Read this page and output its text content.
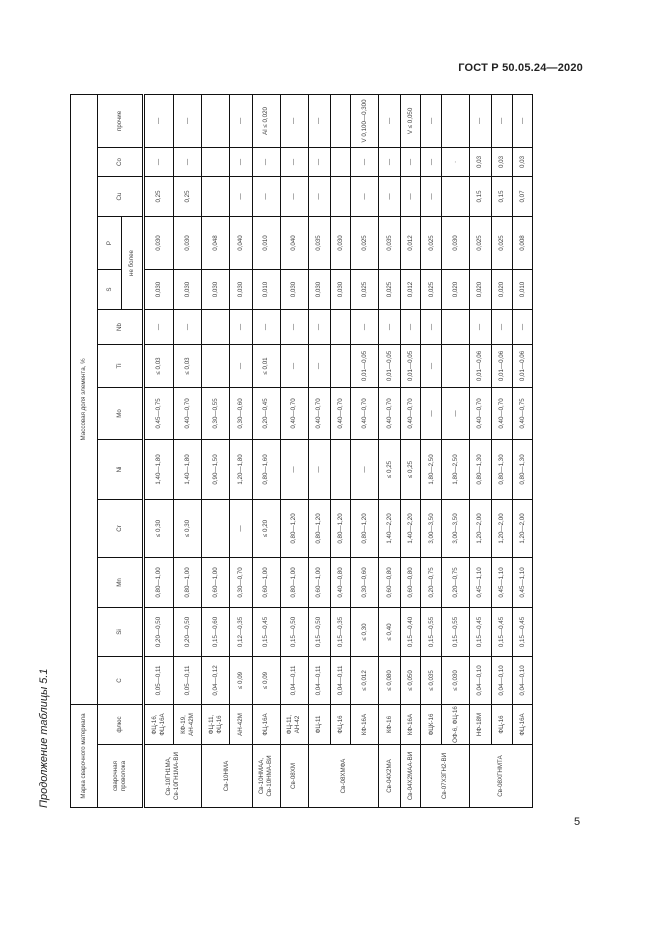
ГОСТ Р 50.05.24—2020
Продолжение таблицы 5.1	Марка сварочного материала		Массовая доля элемента, %												
сварочная проволока	флюс	C	Si	Mn	Cr	Ni	Mo	Ti	Nb	S	P	Cu	Co	прочие
										не более				
Св-10ГН1МА, Св-10ГН1МА-ВИ	ФЦ-16, ФЦ-16А	0,05—0,11	0,20—0,50	0,80—1,00	≤ 0,30	1,40—1,80	0,45—0,75	≤ 0,03	—	0,030	0,030	0,25	—	—
	КФ-19, АН-42М	0,05—0,11	0,20—0,50	0,80—1,00	≤ 0,30	1,40—1,80	0,40—0,70	≤ 0,03	—	0,030	0,030	0,25	—	—
Св-10НМА	ФЦ-11, ФЦ-16	0,04—0,12	0,15—0,60	0,60—1,00		0,90—1,50	0,30—0,55			0,030	0,048			
	АН-42М	≤ 0,09	0,12—0,35	0,30—0,70	—	1,20—1,80	0,30—0,60	—	—	0,030	0,040	—	—	—
Св-10НМАА, Св-10НМА-ВИ	ФЦ-16А	≤ 0,09	0,15—0,45	0,60—1,00	≤ 0,20	0,80—1,60	0,20—0,45	≤ 0,01	—	0,010	0,010	—	—	Al ≤ 0,020
Св-08ХМ	ФЦ-11, АН-42	0,04—0,11	0,15—0,50	0,80—1,00	0,80—1,20	—	0,40—0,70	—	—	0,030	0,040	—	—	—
Св-08ХМФА	ФЦ-11	0,04—0,11	0,15—0,50	0,60—1,00	0,80—1,20	—	0,40—0,70	—	—	0,030	0,035	—	—	—
	ФЦ-16	0,04—0,11	0,15—0,35	0,40—0,80	0,80—1,20		0,40—0,70			0,030	0,030			
	КФ-16А	≤ 0,012	≤ 0,30	0,30—0,60	0,80—1,20	—	0,40—0,70	0,01—0,05	—	0,025	0,025	—	—	V 0,100—0,300
Св-04Х2МА	КФ-16	≤ 0,080	≤ 0,40	0,60—0,80	1,40—2,20	≤ 0,25	0,40—0,70	0,01—0,05	—	0,025	0,035	—	—	—
Св-04Х2МАА-ВИ	КФ-16А	≤ 0,050	0,15—0,40	0,60—0,80	1,40—2,20	≤ 0,25	0,40—0,70	0,01—0,05	—	0,012	0,012	—	—	V ≤ 0,050
Св-07Х3ГН2-ВИ	ФЦК-16	≤ 0,035	0,15—0,55	0,20—0,75	3,00—3,50	1,80—2,50	—	—	—	0,025	0,025	—	—	—
	ОФ-6, ФЦ-16	≤ 0,030	0,15—0,55	0,20—0,75	3,00—3,50	1,80—2,50	—			0,020	0,030		·	
Св-08ХГНМТА	НФ-18М	0,04—0,10	0,15—0,45	0,45—1,10	1,20—2,00	0,80—1,30	0,40—0,70	0,01—0,06	—	0,020	0,025	0,15	0,03	—
	ФЦ-16	0,04—0,10	0,15—0,45	0,45—1,10	1,20—2,00	0,80—1,30	0,40—0,70	0,01—0,06	—	0,020	0,025	0,15	0,03	—
	ФЦ-16А	0,04—0,10	0,15—0,45	0,45—1,10	1,20—2,00	0,80—1,30	0,40—0,75	0,01—0,06	—	0,010	0,008	0,07	0,03	—
5
